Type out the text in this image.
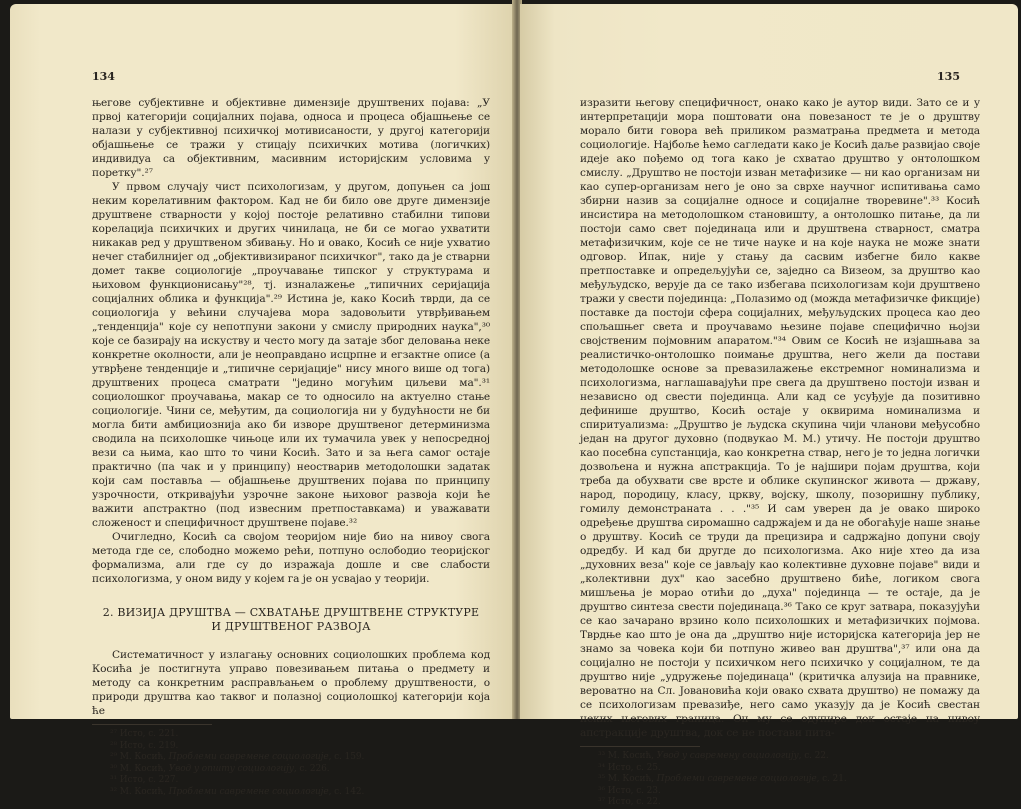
134

његове субјективне и објективне димензије друштвених појава: „У првој категорији социјалних појава, односа и процеса објашњење се налази у субјективној психичкој мотивисаности, у другој категорији објашњење се тражи у стицају психичких мотива (логичких) индивидуа са објективним, масивним историјским условима у поретку".²⁷

У првом случају чист психологизам, у другом, допуњен са још неким корелативним фактором. Кад не би било ове друге димензије друштвене стварности у којој постоје релативно стабилни типови корелација психичких и других чинилаца, не би се могао ухватити никакав ред у друштвеном збивању. Но и овако, Косић се није ухватио нечег стабилнијег од „објективизираног психичког", тако да је стварни домет такве социологије „проучавање типског у структурама и њиховом функционисању"²⁸, тј. изналажење „типичних серијација социјалних облика и функција".²⁹ Истина је, како Косић тврди, да се социологија у већини случајева мора задовољити утврђивањем „тенденција" које су непотпуни закони у смислу природних наука",³⁰ које се базирају на искуству и често могу да затаје због деловања неке конкретне околности, али је неоправдано исцрпне и егзактне описе (а утврђене тенденције и „типичне серијације" нису много више од тога) друштвених процеса сматрати "једино могућим циљеви ма".³¹ социолошког проучавања, макар се то односило на актуелно стање социологије. Чини се, међутим, да социологија ни у будућности не би могла бити амбициознија ако би изворе друштвеног детерминизма сводила на психолошке чињоце или их тумачила увек у непосредној вези са њима, као што то чини Косић. Зато и за њега самог остаје практично (па чак и у принципу) неостварив методолошки задатак који сам поставља — објашњење друштвених појава по принципу узрочности, откривајући узрочне законе њиховог развоја који ће важити апстрактно (под извесним претпоставкама) и уважавати сложеност и специфичност друштвене појаве.³²

Очигледно, Косић са својом теоријом није био на нивоу свога метода где се, слободно можемо рећи, потпуно ослободио теоријског формализма, али где су до изражаја дошле и све слабости психологизма, у оном виду у којем га је он усвајао у теорији.

2. ВИЗИЈА ДРУШТВА — СХВАТАЊЕ ДРУШТВЕНЕ СТРУКТУРЕ
И ДРУШТВЕНОГ РАЗВОЈА

Систематичност у излагању основних социолошких проблема код Косића је постигнута управо повезивањем питања о предмету и методу са конкретним расправљањем о проблему друштвености, о природи друштва као таквог и полазној социолошкој категорији која ће

²⁷ Исто, с. 221.
²⁸ Исто, с. 219.
²⁹ М. Косић, Проблеми савремене социологије, с. 159.
³⁰ М. Косић, Увод у општу социологију, с. 226.
³¹ Исто, с. 227.
³² М. Косић, Проблеми савремене социологије, с. 142.
135

изразити његову специфичност, онако како је аутор види. Зато се и у интерпретацији мора поштовати она повезаност те је о друштву морало бити говора већ приликом разматрања предмета и метода социологије. Најбоље ћемо сагледати како је Косић даље развијао своје идеје ако пођемо од тога како је схватао друштво у онтолошком смислу. „Друштво не постоји изван метафизике — ни као организам ни као супер-организам него је оно за сврхе научног испитивања само збирни назив за социјалне односе и социјалне творевине".³³ Косић инсистира на методолошком становишту, а онтолошко питање, да ли постоји само свет појединаца или и друштвена стварност, сматра метафизичким, које се не тиче науке и на које наука не може знати одговор. Ипак, није у стању да сасвим избегне било какве претпоставке и опредељујући се, заједно са Визеом, за друштво као међуљудско, верује да се тако избегава психологизам који друштвено тражи у свести појединца: „Полазимо од (можда метафизичке фикције) поставке да постоји сфера социјалних, међуљудских процеса као део спољашњег света и проучавамо њезине појаве специфично њојзи својственим појмовним апаратом."³⁴ Овим се Косић не изјашњава за реалистичко-онтолошко поимање друштва, него жели да постави методолошке основе за превазилажење екстремног номинализма и психологизма, наглашавајући пре свега да друштвено постоји изван и независно од свести појединца. Али кад се усуђује да позитивно дефинише друштво, Косић остаје у оквирима номинализма и спиритуализма: „Друштво је људска скупина чији чланови међусобно један на другог духовно (подвукао М. М.) утичу. Не постоји друштво као посебна супстанција, као конкретна ствар, него је то једна логички дозвољена и нужна апстракција. То је најшири појам друштва, који треба да обухвати све врсте и облике скупинског живота — државу, народ, породицу, класу, цркву, војску, школу, позоришну публику, гомилу демонстраната . . ."³⁵ И сам уверен да је овако широко одређење друштва сиромашно садржајем и да не обогаћује наше знање о друштву. Косић се труди да прецизира и садржајно допуни своју одредбу. И кад би другде до психологизма. Ако није хтео да иза „духовних веза" које се јављају као колективне духовне појаве" види и „колективни дух" као засебно друштвено биће, логиком свога мишљења је морао отићи до „духа" појединца — те остаје, да је друштво синтеза свести појединаца.³⁶ Тако се круг затвара, показујући се као зачарано врзино коло психолошких и метафизичких појмова. Тврдње као што је она да „друштво није историјска категорија јер не знамо за човека који би потпуно живео ван друштва",³⁷ или она да социјално не постоји у психичком него психичко у социјалном, те да друштво није „удружење појединаца" (критичка алузија на правнике, вероватно на Сл. Јовановића који овако схвата друштво) не помажу да се психологизам превазиђе, него само указују да је Косић свестан неких његових граница. Он му се одупире док остаје на нивоу апстракције друштва, док се не постави пита-

³³ М. Косић, Увод у савремену социологију, с. 22.
³⁴ Исто, с. 25.
³⁵ М. Косић, Проблеми савремене социологије, с. 21.
³⁶ Исто, с. 23.
³⁷ Исто, с. 22.
